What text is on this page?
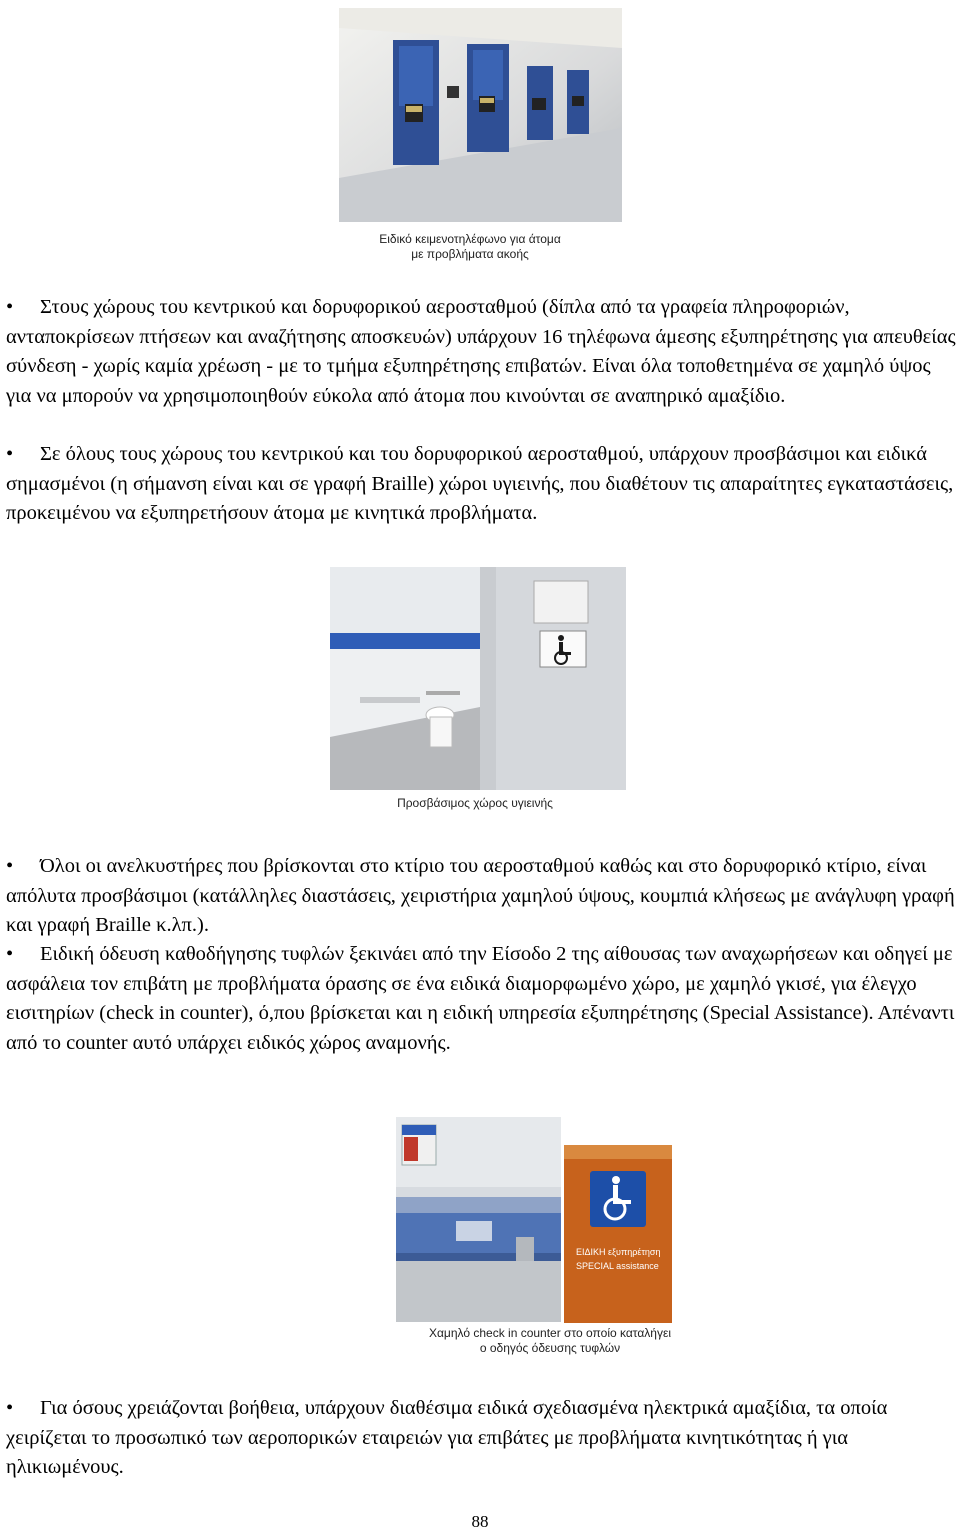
Ειδικό κειμενοτηλέφωνο για άτομα
με προβλήματα ακοής

• Στους χώρους του κεντρικού και δορυφορικού αεροσταθμού (δίπλα από τα γραφεία πληροφοριών, ανταποκρίσεων πτήσεων και αναζήτησης αποσκευών) υπάρχουν 16 τηλέφωνα άμεσης εξυπηρέτησης για απευθείας σύνδεση - χωρίς καμία χρέωση - με το τμήμα εξυπηρέτησης επιβατών. Είναι όλα τοποθετημένα σε χαμηλό ύψος για να μπορούν να χρησιμοποιηθούν εύκολα από άτομα που κινούνται σε αναπηρικό αμαξίδιο.

• Σε όλους τους χώρους του κεντρικού και του δορυφορικού αεροσταθμού, υπάρχουν προσβάσιμοι και ειδικά σημασμένοι (η σήμανση είναι και σε γραφή Braille) χώροι υγιεινής, που διαθέτουν τις απαραίτητες εγκαταστάσεις, προκειμένου να εξυπηρετήσουν άτομα με κινητικά προβλήματα.

Προσβάσιμος χώρος υγιεινής

• Όλοι οι ανελκυστήρες που βρίσκονται στο κτίριο του αεροσταθμού καθώς και στο δορυφορικό κτίριο, είναι απόλυτα προσβάσιμοι (κατάλληλες διαστάσεις, χειριστήρια χαμηλού ύψους, κουμπιά κλήσεως με ανάγλυφη γραφή και γραφή Braille κ.λπ.).

• Ειδική όδευση καθοδήγησης τυφλών ξεκινάει από την Είσοδο 2 της αίθουσας των αναχωρήσεων και οδηγεί με ασφάλεια τον επιβάτη με προβλήματα όρασης σε ένα ειδικά διαμορφωμένο χώρο, με χαμηλό γκισέ, για έλεγχο εισιτηρίων (check in counter), ό,που βρίσκεται και η ειδική υπηρεσία εξυπηρέτησης (Special Assistance). Απέναντι από το counter αυτό υπάρχει ειδικός χώρος αναμονής.

ΕΙΔΙΚΗ εξυπηρέτηση
SPECIAL assistance
Χαμηλό check in counter στο οποίο καταλήγει
ο οδηγός όδευσης τυφλών

• Για όσους χρειάζονται βοήθεια, υπάρχουν διαθέσιμα ειδικά σχεδιασμένα ηλεκτρικά αμαξίδια, τα οποία χειρίζεται το προσωπικό των αεροπορικών εταιρειών για επιβάτες με προβλήματα κινητικότητας ή για ηλικιωμένους.

88
